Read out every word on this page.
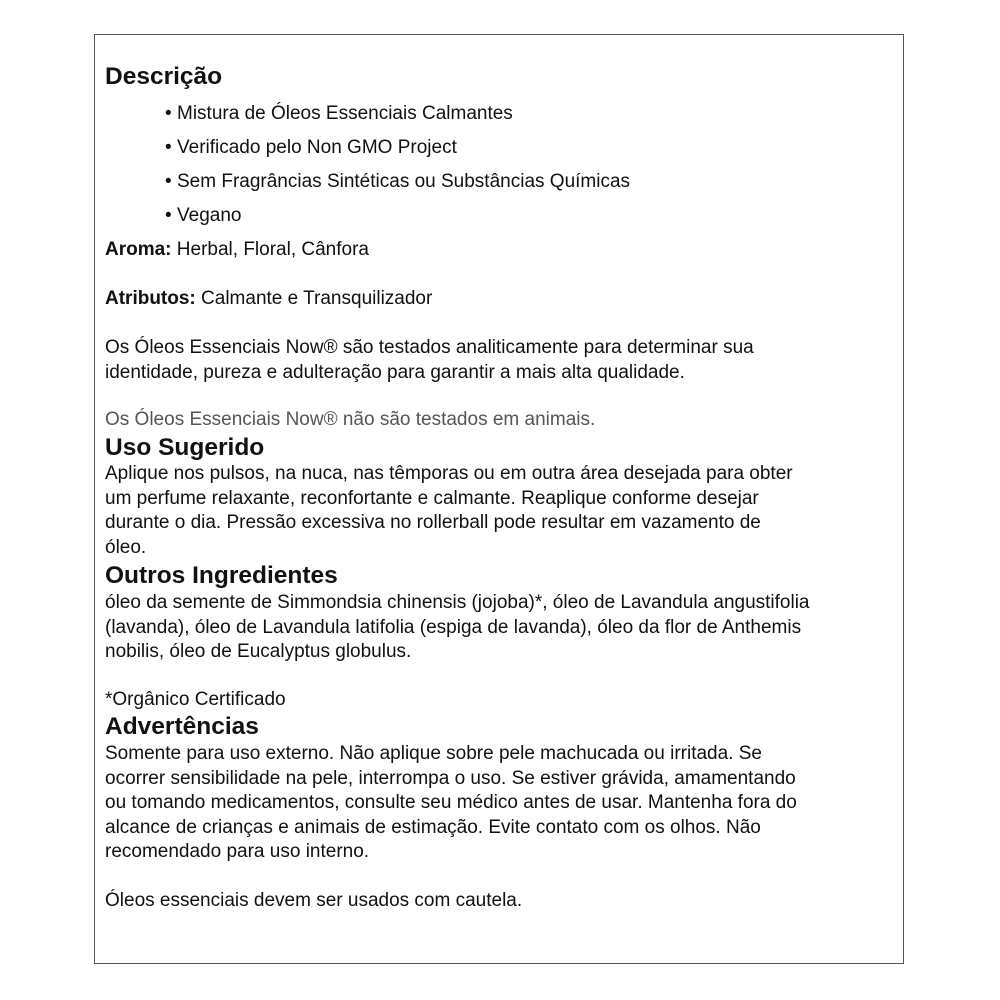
Descrição
• Mistura de Óleos Essenciais Calmantes
• Verificado pelo Non GMO Project
• Sem Fragrâncias Sintéticas ou Substâncias Químicas
• Vegano
Aroma: Herbal, Floral, Cânfora
Atributos: Calmante e Transquilizador
Os Óleos Essenciais Now® são testados analiticamente para determinar sua
identidade, pureza e adulteração para garantir a mais alta qualidade.
Os Óleos Essenciais Now® não são testados em animais.
Uso Sugerido
Aplique nos pulsos, na nuca, nas têmporas ou em outra área desejada para obter
um perfume relaxante, reconfortante e calmante. Reaplique conforme desejar
durante o dia. Pressão excessiva no rollerball pode resultar em vazamento de
óleo.
Outros Ingredientes
óleo da semente de Simmondsia chinensis (jojoba)*, óleo de Lavandula angustifolia
(lavanda), óleo de Lavandula latifolia (espiga de lavanda), óleo da flor de Anthemis
nobilis, óleo de Eucalyptus globulus.
*Orgânico Certificado
Advertências
Somente para uso externo. Não aplique sobre pele machucada ou irritada. Se
ocorrer sensibilidade na pele, interrompa o uso. Se estiver grávida, amamentando
ou tomando medicamentos, consulte seu médico antes de usar. Mantenha fora do
alcance de crianças e animais de estimação. Evite contato com os olhos. Não
recomendado para uso interno.
Óleos essenciais devem ser usados com cautela.
